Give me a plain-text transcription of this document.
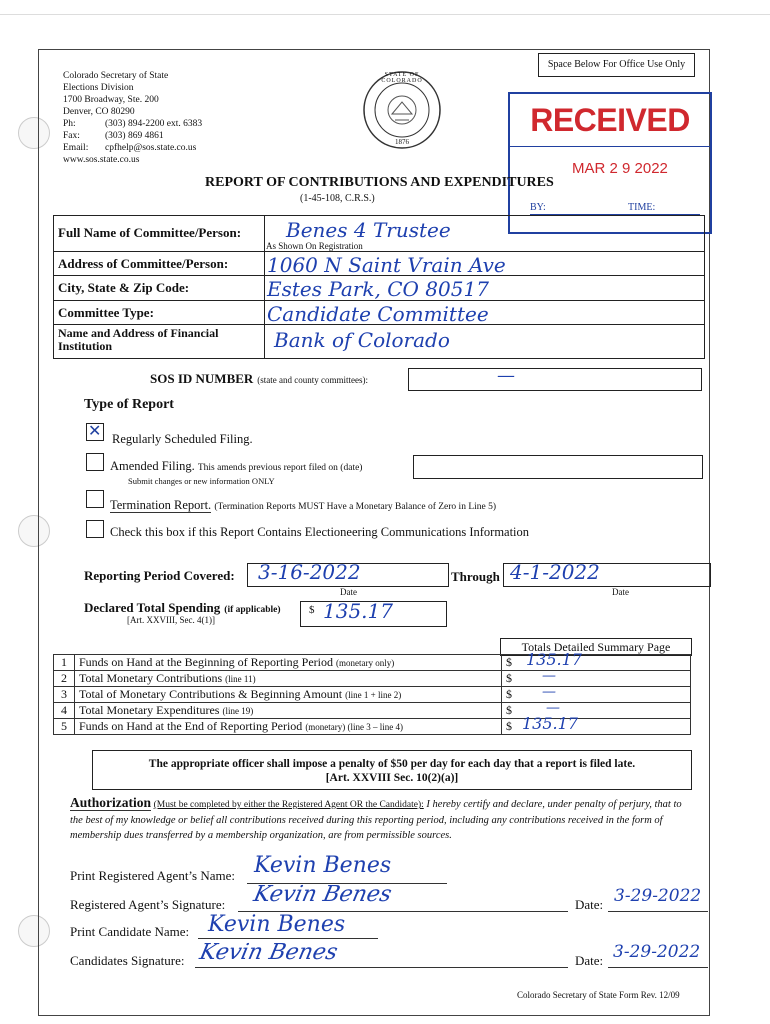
Space Below For Office Use Only
Colorado Secretary of State
Elections Division
1700 Broadway, Ste. 200
Denver, CO 80290
Ph:	(303) 894-2200 ext. 6383
Fax:	(303) 869 4861
Email: cpfhelp@sos.state.co.us
www.sos.state.co.us
STATE OF COLORADO
1876
RECEIVED
MAR 2 9 2022
BY:	TIME:
REPORT OF CONTRIBUTIONS AND EXPENDITURES
(1-45-108, C.R.S.)
Full Name of Committee/Person: Benes 4 Trustee
As Shown On Registration
Address of Committee/Person: 1060 N Saint Vrain Ave
City, State & Zip Code:	Estes Park, CO 80517
Committee Type:	Candidate Committee
Name and Address of Financial Institution	Bank of Colorado
SOS ID NUMBER (state and county committees):	—
Type of Report
✕ Regularly Scheduled Filing.
Amended Filing. This amends previous report filed on (date)
Submit changes or new information ONLY
Termination Report. (Termination Reports MUST Have a Monetary Balance of Zero in Line 5)
Check this box if this Report Contains Electioneering Communications Information
Reporting Period Covered: 3-16-2022
Date
Through 4-1-2022
Date
Declared Total Spending (if applicable)
[Art. XXVIII, Sec. 4(1)]
$ 135.17
Totals Detailed Summary Page
1	Funds on Hand at the Beginning of Reporting Period (monetary only)	$ 135.17

2	Total Monetary Contributions (line 11)	$ —

3	Total of Monetary Contributions & Beginning Amount (line 1 + line 2)	$ —

4	Total Monetary Expenditures (line 19)	$ —

5	Funds on Hand at the End of Reporting Period (monetary) (line 3 – line 4)	$ 135.17
The appropriate officer shall impose a penalty of $50 per day for each day that a report is filed late.
[Art. XXVIII Sec. 10(2)(a)]
Authorization (Must be completed by either the Registered Agent OR the Candidate): I hereby certify and declare, under penalty of perjury, that to the best of my knowledge or belief all contributions received during this reporting period, including any contributions received in the form of membership dues transferred by a membership organization, are from permissible sources.
Print Registered Agent’s Name: Kevin Benes
Registered Agent’s Signature: Kevin Benes	Date: 3-29-2022
Print Candidate Name: Kevin Benes
Candidates Signature: Kevin Benes	Date: 3-29-2022
Colorado Secretary of State Form Rev. 12/09
